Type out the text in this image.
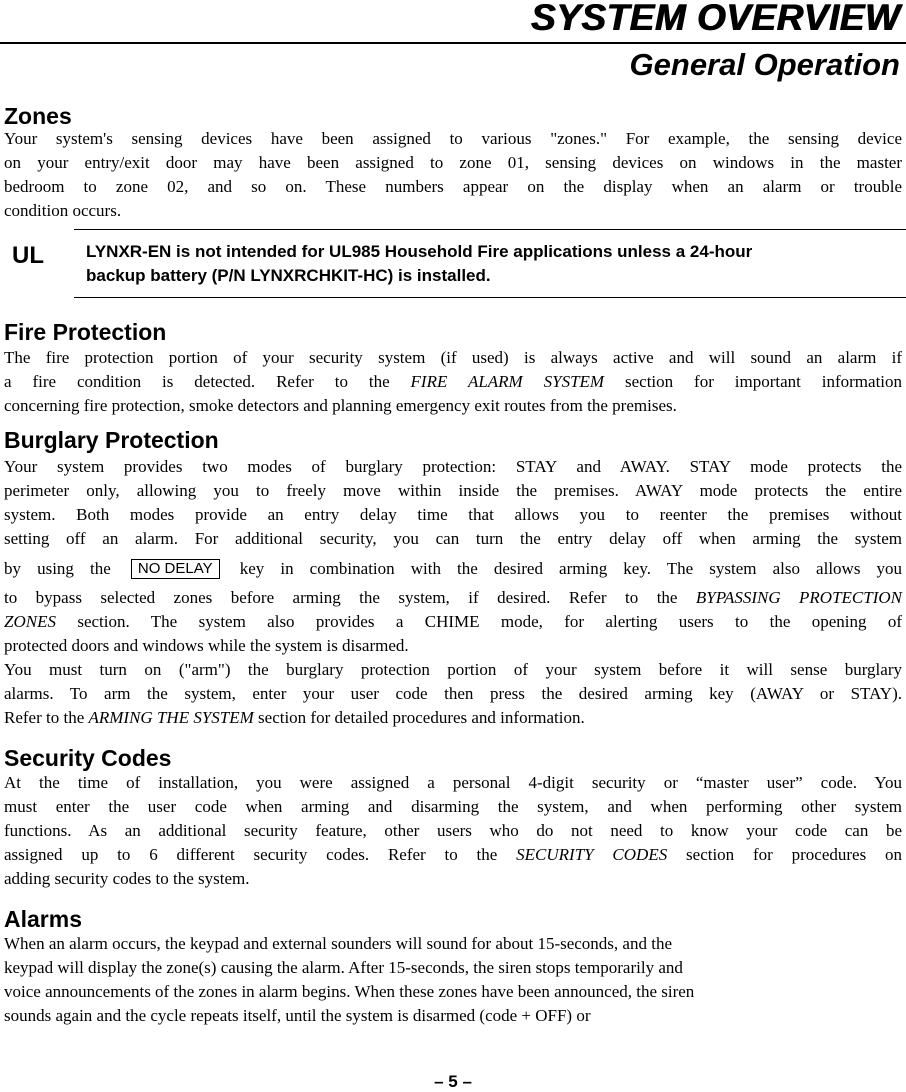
SYSTEM OVERVIEW
General Operation
Zones
Your system's sensing devices have been assigned to various "zones." For example, the sensing device
on your entry/exit door may have been assigned to zone 01, sensing devices on windows in the master
bedroom to zone 02, and so on. These numbers appear on the display when an alarm or trouble
condition occurs.
UL LYNXR-EN is not intended for UL985 Household Fire applications unless a 24-hour
backup battery (P/N LYNXRCHKIT-HC) is installed.
Fire Protection
The fire protection portion of your security system (if used) is always active and will sound an alarm if
a fire condition is detected. Refer to the FIRE ALARM SYSTEM section for important information
concerning fire protection, smoke detectors and planning emergency exit routes from the premises.
Burglary Protection
Your system provides two modes of burglary protection: STAY and AWAY. STAY mode protects the
perimeter only, allowing you to freely move within inside the premises. AWAY mode protects the entire
system. Both modes provide an entry delay time that allows you to reenter the premises without
setting off an alarm. For additional security, you can turn the entry delay off when arming the system
by using the NO DELAY key in combination with the desired arming key. The system also allows you
to bypass selected zones before arming the system, if desired. Refer to the BYPASSING PROTECTION
ZONES section. The system also provides a CHIME mode, for alerting users to the opening of
protected doors and windows while the system is disarmed.
You must turn on ("arm") the burglary protection portion of your system before it will sense burglary
alarms. To arm the system, enter your user code then press the desired arming key (AWAY or STAY).
Refer to the ARMING THE SYSTEM section for detailed procedures and information.
Security Codes
At the time of installation, you were assigned a personal 4-digit security or “master user” code. You
must enter the user code when arming and disarming the system, and when performing other system
functions. As an additional security feature, other users who do not need to know your code can be
assigned up to 6 different security codes. Refer to the SECURITY CODES section for procedures on
adding security codes to the system.
Alarms
When an alarm occurs, the keypad and external sounders will sound for about 15-seconds, and the
keypad will display the zone(s) causing the alarm. After 15-seconds, the siren stops temporarily and
voice announcements of the zones in alarm begins. When these zones have been announced, the siren
sounds again and the cycle repeats itself, until the system is disarmed (code + OFF) or
– 5 –
